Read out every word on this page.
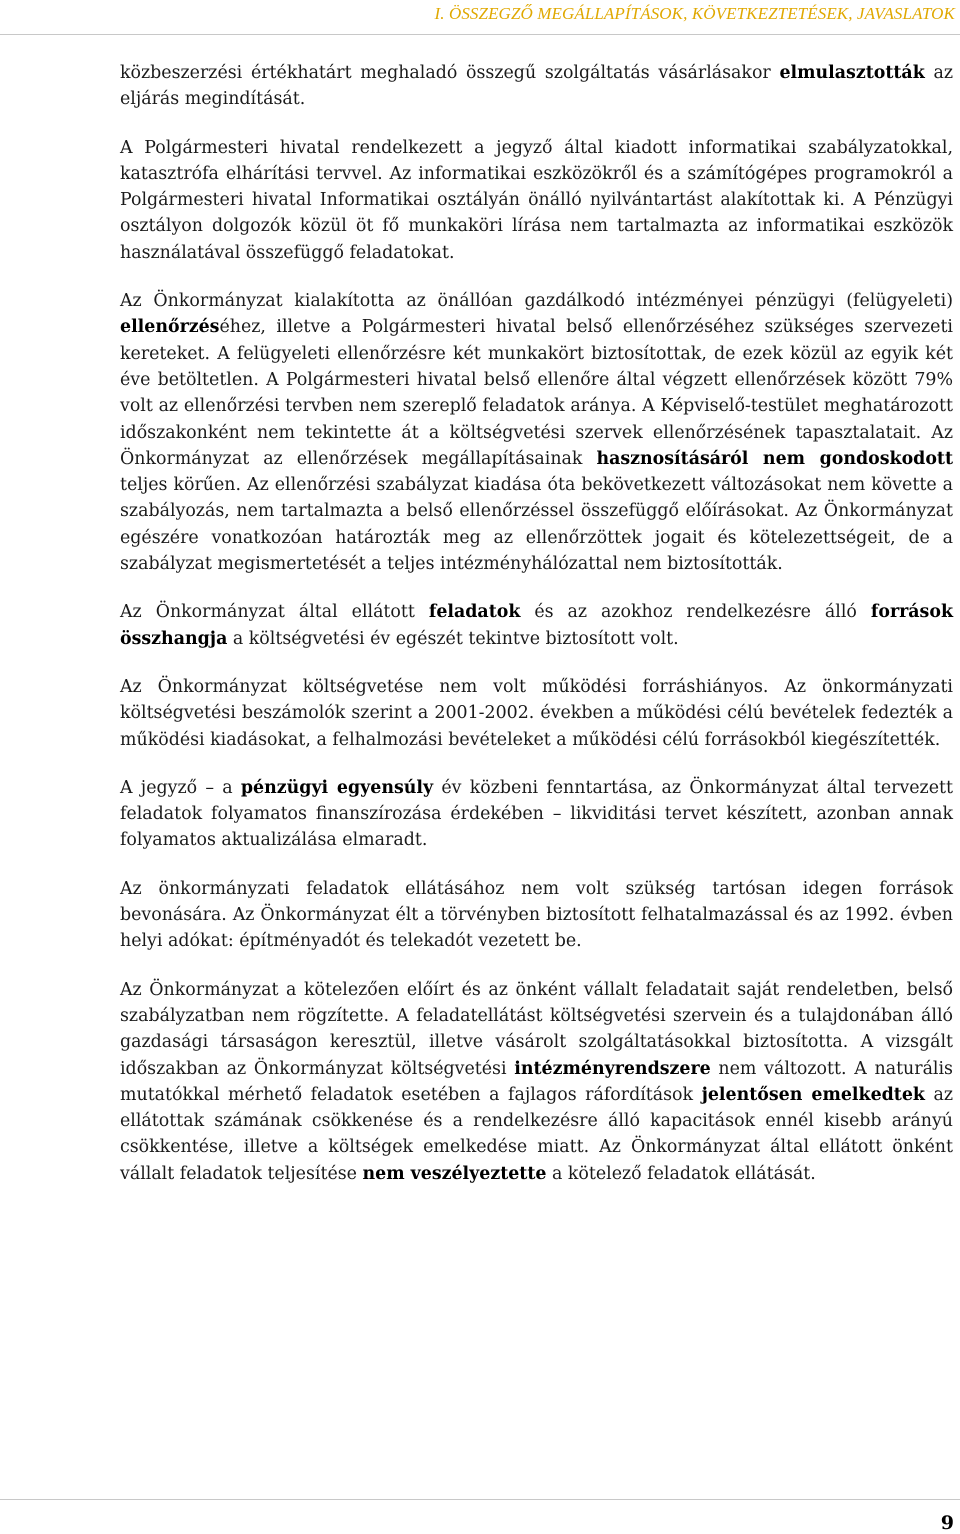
I. ÖSSZEGZŐ MEGÁLLAPÍTÁSOK, KÖVETKEZTETÉSEK, JAVASLATOK

közbeszerzési értékhatárt meghaladó összegű szolgáltatás vásárlásakor elmulasztották az eljárás megindítását.

A Polgármesteri hivatal rendelkezett a jegyző által kiadott informatikai szabályzatokkal, katasztrófa elhárítási tervvel. Az informatikai eszközökről és a számítógépes programokról a Polgármesteri hivatal Informatikai osztályán önálló nyilvántartást alakítottak ki. A Pénzügyi osztályon dolgozók közül öt fő munkaköri lírása nem tartalmazta az informatikai eszközök használatával összefüggő feladatokat.

Az Önkormányzat kialakította az önállóan gazdálkodó intézményei pénzügyi (felügyeleti) ellenőrzéséhez, illetve a Polgármesteri hivatal belső ellenőrzéséhez szükséges szervezeti kereteket. A felügyeleti ellenőrzésre két munkakört biztosítottak, de ezek közül az egyik két éve betöltetlen. A Polgármesteri hivatal belső ellenőre által végzett ellenőrzések között 79% volt az ellenőrzési tervben nem szereplő feladatok aránya. A Képviselő-testület meghatározott időszakonként nem tekintette át a költségvetési szervek ellenőrzésének tapasztalatait. Az Önkormányzat az ellenőrzések megállapításainak hasznosításáról nem gondoskodott teljes körűen. Az ellenőrzési szabályzat kiadása óta bekövetkezett változásokat nem követte a szabályozás, nem tartalmazta a belső ellenőrzéssel összefüggő előírásokat. Az Önkormányzat egészére vonatkozóan határozták meg az ellenőrzöttek jogait és kötelezettségeit, de a szabályzat megismertetését a teljes intézményhálózattal nem biztosították.

Az Önkormányzat által ellátott feladatok és az azokhoz rendelkezésre álló források összhangja a költségvetési év egészét tekintve biztosított volt.

Az Önkormányzat költségvetése nem volt működési forráshiányos. Az önkormányzati költségvetési beszámolók szerint a 2001-2002. években a működési célú bevételek fedezték a működési kiadásokat, a felhalmozási bevételeket a működési célú forrásokból kiegészítették.

A jegyző – a pénzügyi egyensúly év közbeni fenntartása, az Önkormányzat által tervezett feladatok folyamatos finanszírozása érdekében – likviditási tervet készített, azonban annak folyamatos aktualizálása elmaradt.

Az önkormányzati feladatok ellátásához nem volt szükség tartósan idegen források bevonására. Az Önkormányzat élt a törvényben biztosított felhatalmazással és az 1992. évben helyi adókat: építményadót és telekadót vezetett be.

Az Önkormányzat a kötelezően előírt és az önként vállalt feladatait saját rendeletben, belső szabályzatban nem rögzítette. A feladatellátást költségvetési szervein és a tulajdonában álló gazdasági társaságon keresztül, illetve vásárolt szolgáltatásokkal biztosította. A vizsgált időszakban az Önkormányzat költségvetési intézményrendszere nem változott. A naturális mutatókkal mérhető feladatok esetében a fajlagos ráfordítások jelentősen emelkedtek az ellátottak számának csökkenése és a rendelkezésre álló kapacitások ennél kisebb arányú csökkentése, illetve a költségek emelkedése miatt. Az Önkormányzat által ellátott önként vállalt feladatok teljesítése nem veszélyeztette a kötelező feladatok ellátását.

9
